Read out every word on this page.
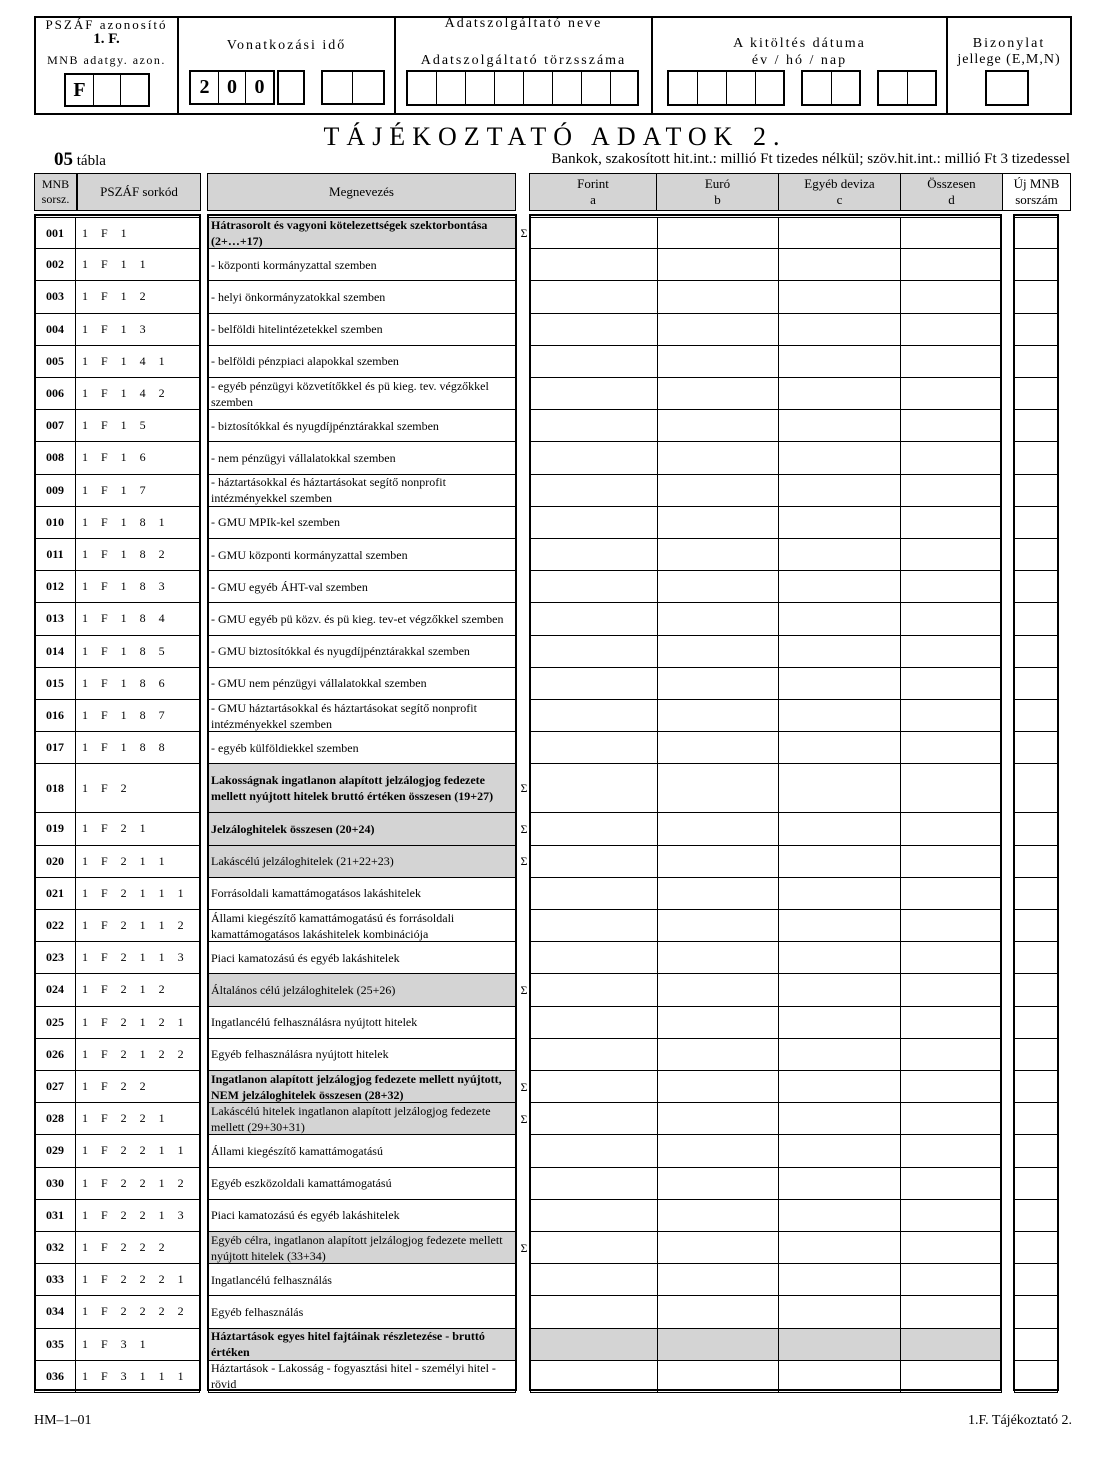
PSZÁF azonosító
1. F.
MNB adatgy. azon.
F
Vonatkozási idő
2 0 0
Adatszolgáltató neve
Adatszolgáltató törzsszáma
A kitöltés dátuma
év / hó / nap
Bizonylat
jellege (E,M,N)
TÁJÉKOZTATÓ ADATOK 2.
05 tábla	Bankok, szakosított hit.int.: millió Ft tizedes nélkül; szöv.hit.int.: millió Ft 3 tizedessel
MNB
sorsz.	PSZÁF sorkód	Megnevezés
Forint
a
Euró
b
Egyéb deviza
c
Összesen
d
Új MNB
sorszám
001	1 F 1
Hátrasorolt és vagyoni kötelezettségek szektorbontása (2+…+17)
Σ
002	1 F 1 1	- központi kormányzattal szemben
003	1 F 1 2	- helyi önkormányzatokkal szemben
004	1 F 1 3	- belföldi hitelintézetekkel szemben
005	1 F 1 4 1	- belföldi pénzpiaci alapokkal szemben
006	1 F 1 4 2
- egyéb pénzügyi közvetítőkkel és pü kieg. tev. végzőkkel szemben
007	1 F 1 5	- biztosítókkal és nyugdíjpénztárakkal szemben
008	1 F 1 6	- nem pénzügyi vállalatokkal szemben
009	1 F 1 7
- háztartásokkal és háztartásokat segítő nonprofit intézményekkel szemben
010	1 F 1 8 1	- GMU MPIk-kel szemben
011	1 F 1 8 2	- GMU központi kormányzattal szemben
012	1 F 1 8 3	- GMU egyéb ÁHT-val szemben
013	1 F 1 8 4	- GMU egyéb pü közv. és pü kieg. tev-et végzőkkel szemben
014	1 F 1 8 5	- GMU biztosítókkal és nyugdíjpénztárakkal szemben
015	1 F 1 8 6	- GMU nem pénzügyi vállalatokkal szemben
016	1 F 1 8 7
- GMU háztartásokkal és háztartásokat segítő nonprofit intézményekkel szemben
017	1 F 1 8 8	- egyéb külföldiekkel szemben
018	1 F 2
Lakosságnak ingatlanon alapított jelzálogjog fedezete mellett nyújtott hitelek bruttó értéken összesen (19+27)
Σ
019	1 F 2 1	Jelzáloghitelek összesen (20+24)	Σ
020	1 F 2 1 1	Lakáscélú jelzáloghitelek (21+22+23)	Σ
021	1 F 2 1 1 1	Forrásoldali kamattámogatásos lakáshitelek
022	1 F 2 1 1 2
Állami kiegészítő kamattámogatású és forrásoldali kamattámogatásos lakáshitelek kombinációja
023	1 F 2 1 1 3	Piaci kamatozású és egyéb lakáshitelek
024	1 F 2 1 2	Általános célú jelzáloghitelek (25+26)	Σ
025	1 F 2 1 2 1	Ingatlancélú felhasználásra nyújtott hitelek
026	1 F 2 1 2 2	Egyéb felhasználásra nyújtott hitelek
027	1 F 2 2
Ingatlanon alapított jelzálogjog fedezete mellett nyújtott, NEM jelzáloghitelek összesen (28+32)
Σ
028	1 F 2 2 1
Lakáscélú hitelek ingatlanon alapított jelzálogjog fedezete mellett (29+30+31)
Σ
029	1 F 2 2 1 1	Állami kiegészítő kamattámogatású
030	1 F 2 2 1 2	Egyéb eszközoldali kamattámogatású
031	1 F 2 2 1 3	Piaci kamatozású és egyéb lakáshitelek
032	1 F 2 2 2
Egyéb célra, ingatlanon alapított jelzálogjog fedezete mellett nyújtott hitelek (33+34)
Σ
033	1 F 2 2 2 1	Ingatlancélú felhasználás
034	1 F 2 2 2 2	Egyéb felhasználás
035	1 F 3 1
Háztartások egyes hitel fajtáinak részletezése - bruttó értéken
036	1 F 3 1 1 1
Háztartások - Lakosság - fogyasztási hitel - személyi hitel - rövid
HM–1–01	1.F. Tájékoztató 2.
